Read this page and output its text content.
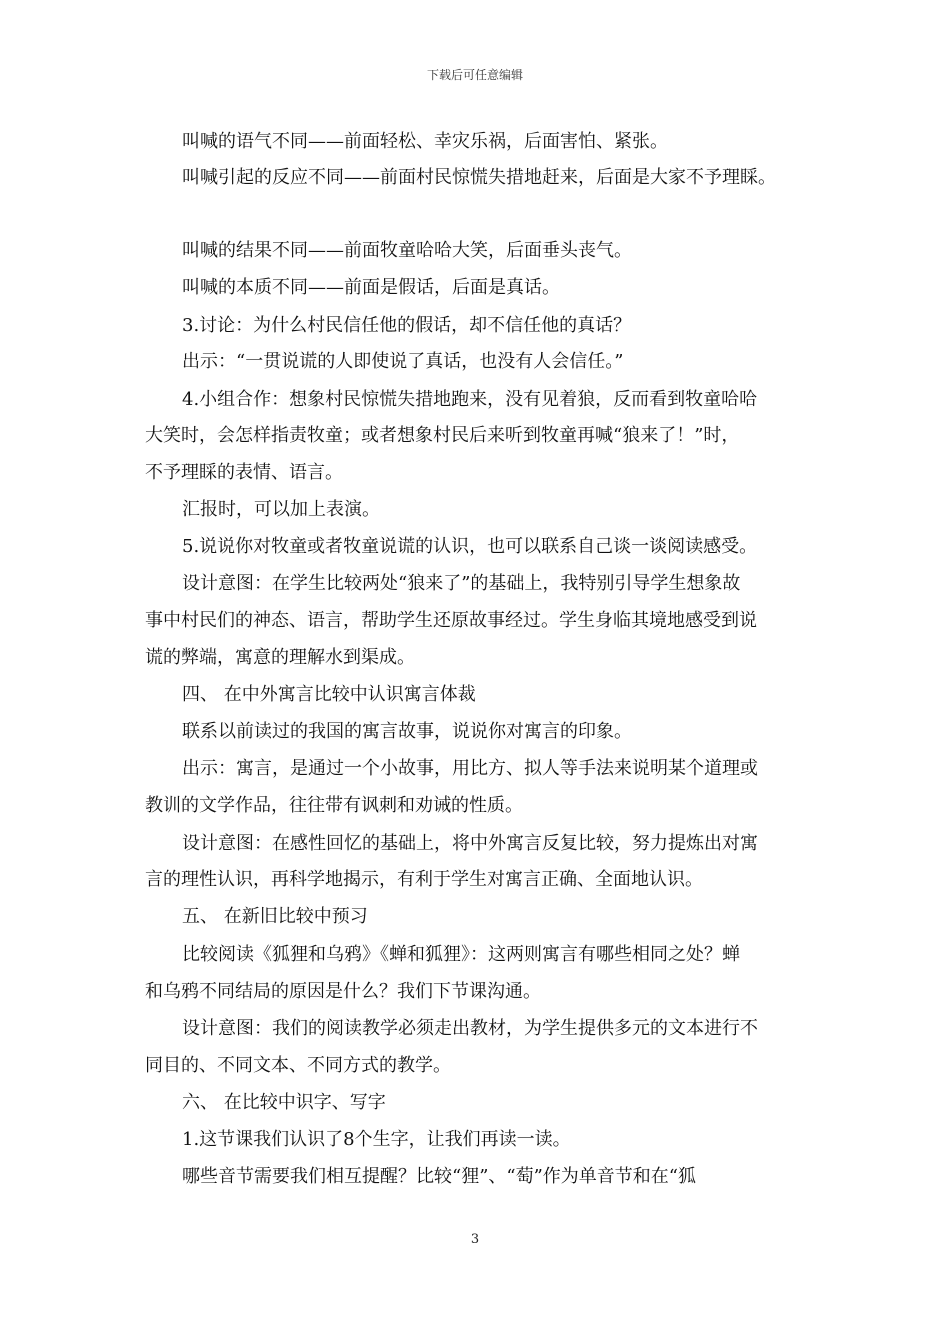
下载后可任意编辑
叫喊的语气不同——前面轻松、幸灾乐祸，后面害怕、紧张。
叫喊引起的反应不同——前面村民惊慌失措地赶来，后面是大家不予理睬。
叫喊的结果不同——前面牧童哈哈大笑，后面垂头丧气。
叫喊的本质不同——前面是假话，后面是真话。
3.讨论：为什么村民信任他的假话，却不信任他的真话？
出示：“一贯说谎的人即使说了真话，也没有人会信任。”
4.小组合作：想象村民惊慌失措地跑来，没有见着狼，反而看到牧童哈哈
大笑时，会怎样指责牧童；或者想象村民后来听到牧童再喊“狼来了！”时，
不予理睬的表情、语言。
汇报时，可以加上表演。
5.说说你对牧童或者牧童说谎的认识，也可以联系自己谈一谈阅读感受。
设计意图：在学生比较两处“狼来了”的基础上，我特别引导学生想象故
事中村民们的神态、语言，帮助学生还原故事经过。学生身临其境地感受到说
谎的弊端，寓意的理解水到渠成。
四、 在中外寓言比较中认识寓言体裁
联系以前读过的我国的寓言故事，说说你对寓言的印象。
出示：寓言，是通过一个小故事，用比方、拟人等手法来说明某个道理或
教训的文学作品，往往带有讽刺和劝诫的性质。
设计意图：在感性回忆的基础上，将中外寓言反复比较，努力提炼出对寓
言的理性认识，再科学地揭示，有利于学生对寓言正确、全面地认识。
五、 在新旧比较中预习
比较阅读《狐狸和乌鸦》《蝉和狐狸》：这两则寓言有哪些相同之处？蝉
和乌鸦不同结局的原因是什么？我们下节课沟通。
设计意图：我们的阅读教学必须走出教材，为学生提供多元的文本进行不
同目的、不同文本、不同方式的教学。
六、 在比较中识字、写字
1.这节课我们认识了8个生字，让我们再读一读。
哪些音节需要我们相互提醒？比较“狸”、“萄”作为单音节和在“狐
3
